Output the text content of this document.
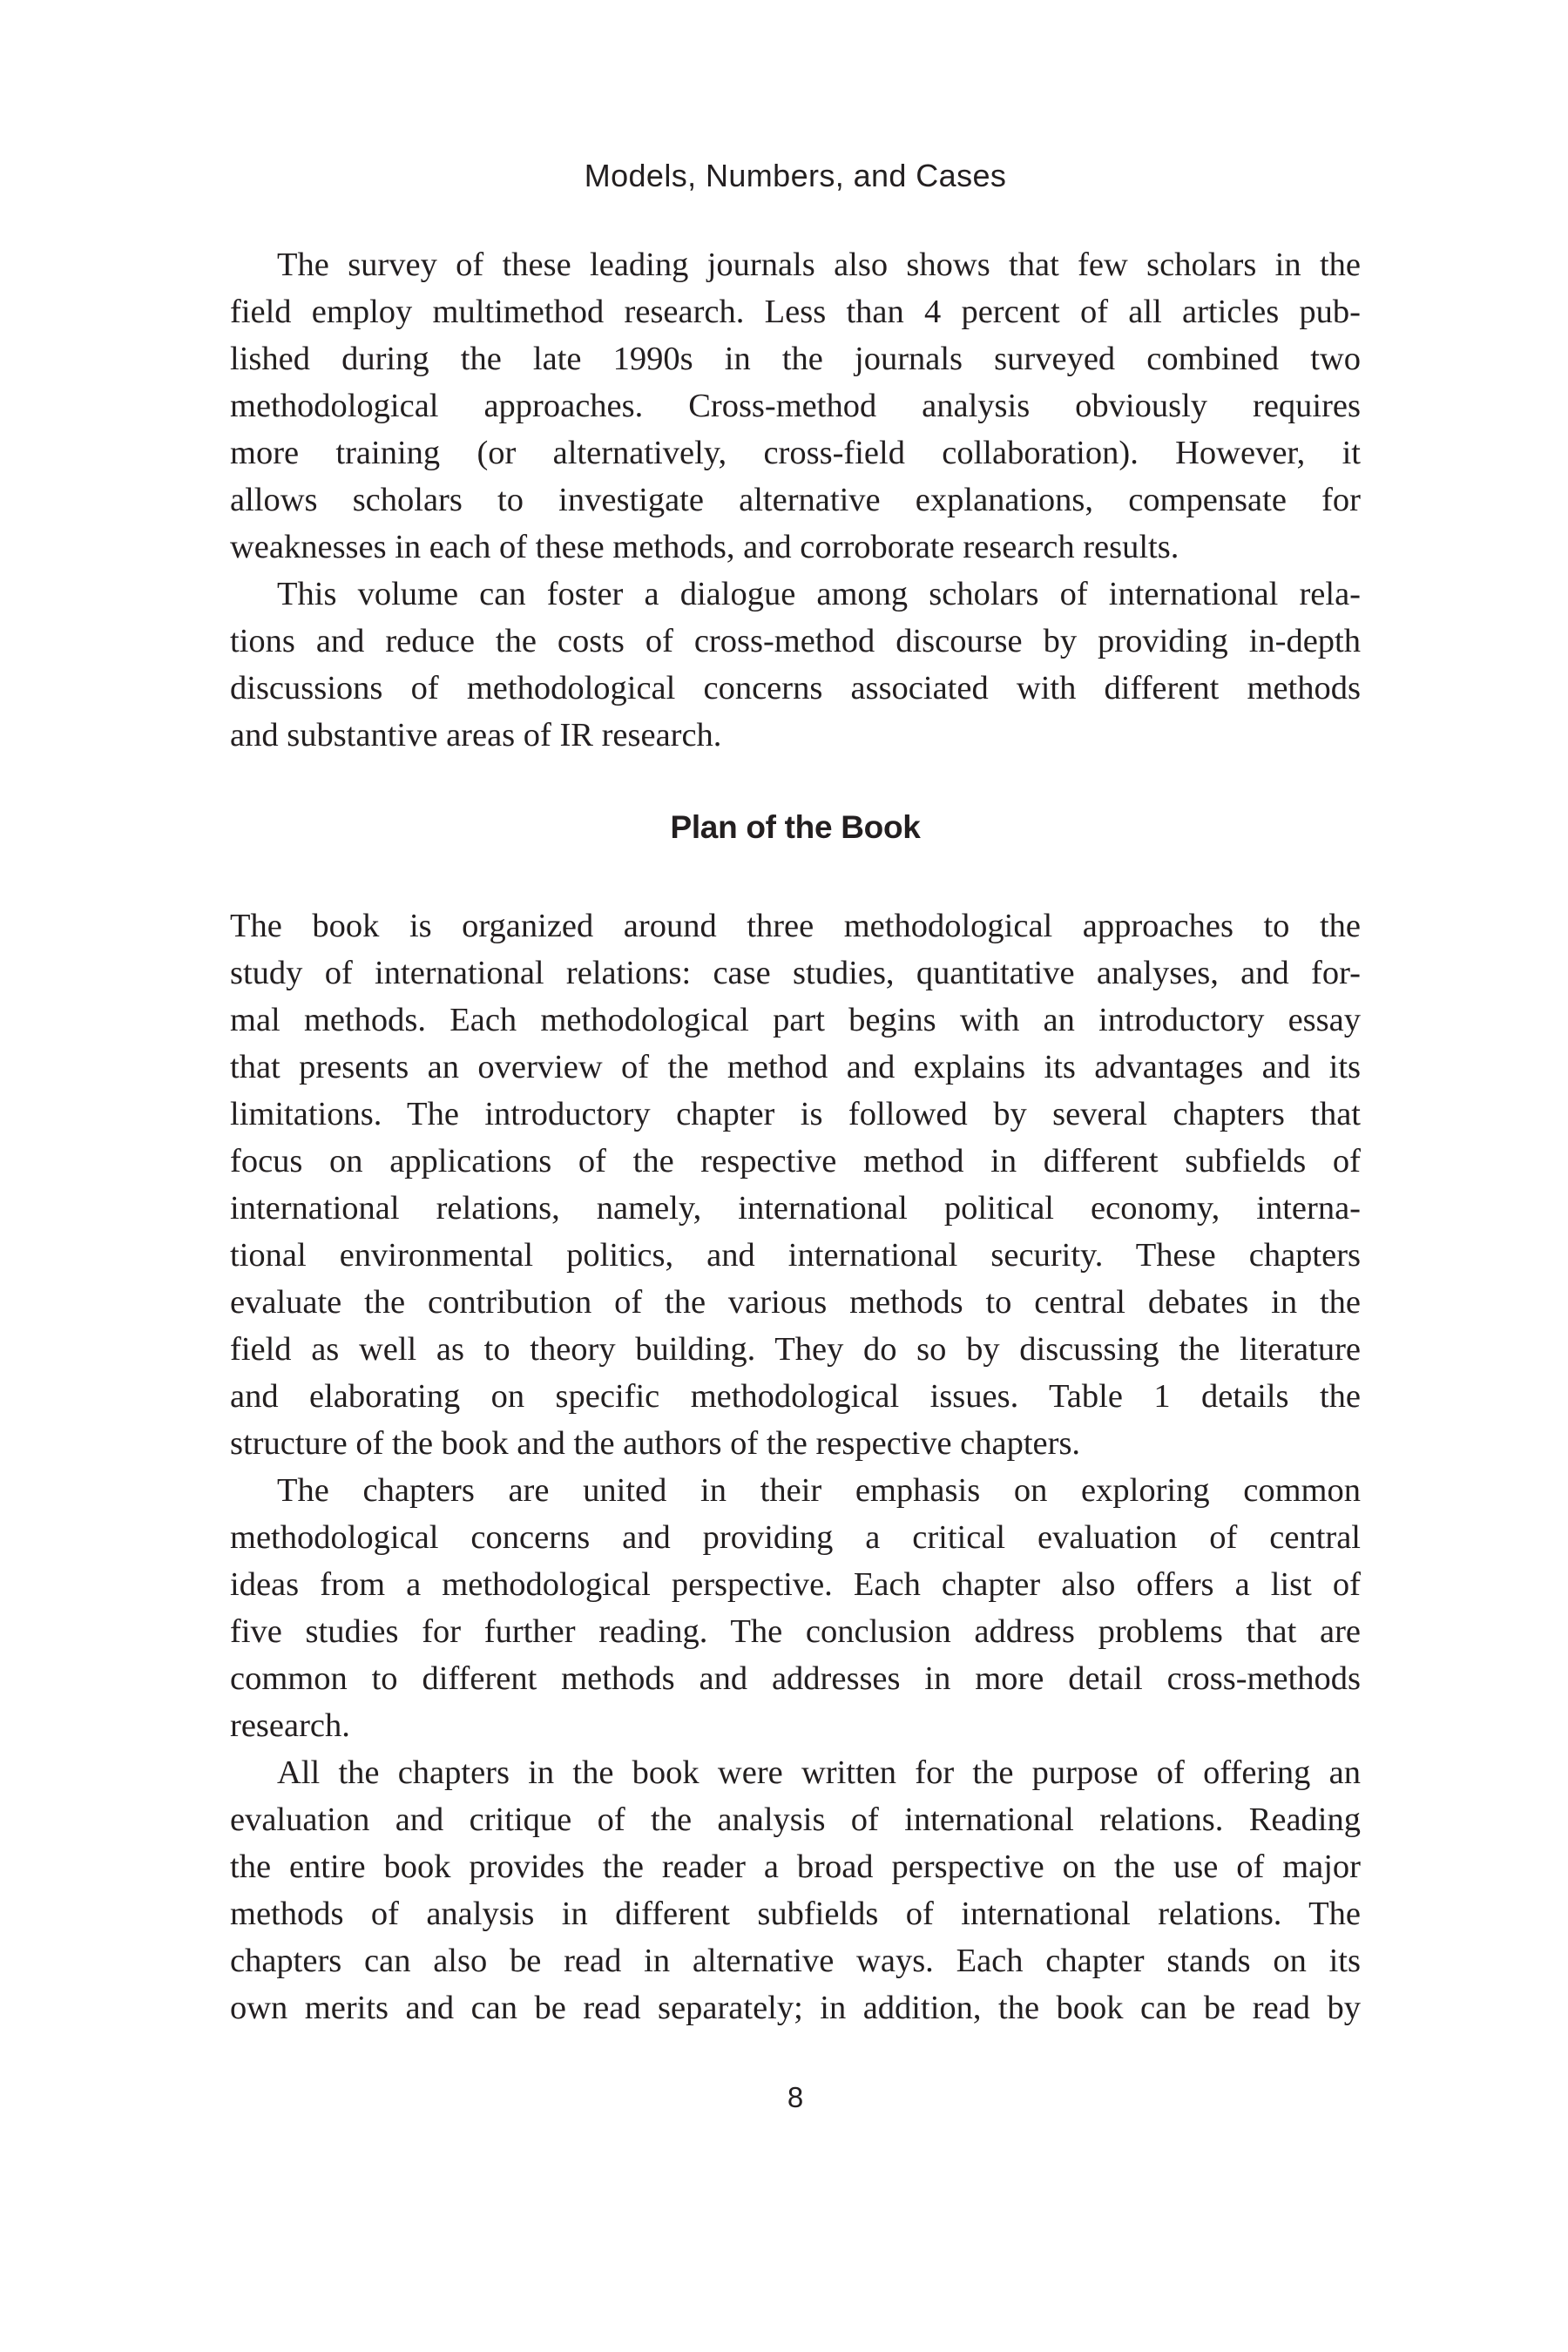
Models, Numbers, and Cases
The survey of these leading journals also shows that few scholars in the
field employ multimethod research. Less than 4 percent of all articles pub-
lished during the late 1990s in the journals surveyed combined two
methodological approaches. Cross-method analysis obviously requires
more training (or alternatively, cross-field collaboration). However, it
allows scholars to investigate alternative explanations, compensate for
weaknesses in each of these methods, and corroborate research results.
This volume can foster a dialogue among scholars of international rela-
tions and reduce the costs of cross-method discourse by providing in-depth
discussions of methodological concerns associated with different methods
and substantive areas of IR research.
Plan of the Book
The book is organized around three methodological approaches to the
study of international relations: case studies, quantitative analyses, and for-
mal methods. Each methodological part begins with an introductory essay
that presents an overview of the method and explains its advantages and its
limitations. The introductory chapter is followed by several chapters that
focus on applications of the respective method in different subfields of
international relations, namely, international political economy, interna-
tional environmental politics, and international security. These chapters
evaluate the contribution of the various methods to central debates in the
field as well as to theory building. They do so by discussing the literature
and elaborating on specific methodological issues. Table 1 details the
structure of the book and the authors of the respective chapters.
The chapters are united in their emphasis on exploring common
methodological concerns and providing a critical evaluation of central
ideas from a methodological perspective. Each chapter also offers a list of
five studies for further reading. The conclusion address problems that are
common to different methods and addresses in more detail cross-methods
research.
All the chapters in the book were written for the purpose of offering an
evaluation and critique of the analysis of international relations. Reading
the entire book provides the reader a broad perspective on the use of major
methods of analysis in different subfields of international relations. The
chapters can also be read in alternative ways. Each chapter stands on its
own merits and can be read separately; in addition, the book can be read by
8
